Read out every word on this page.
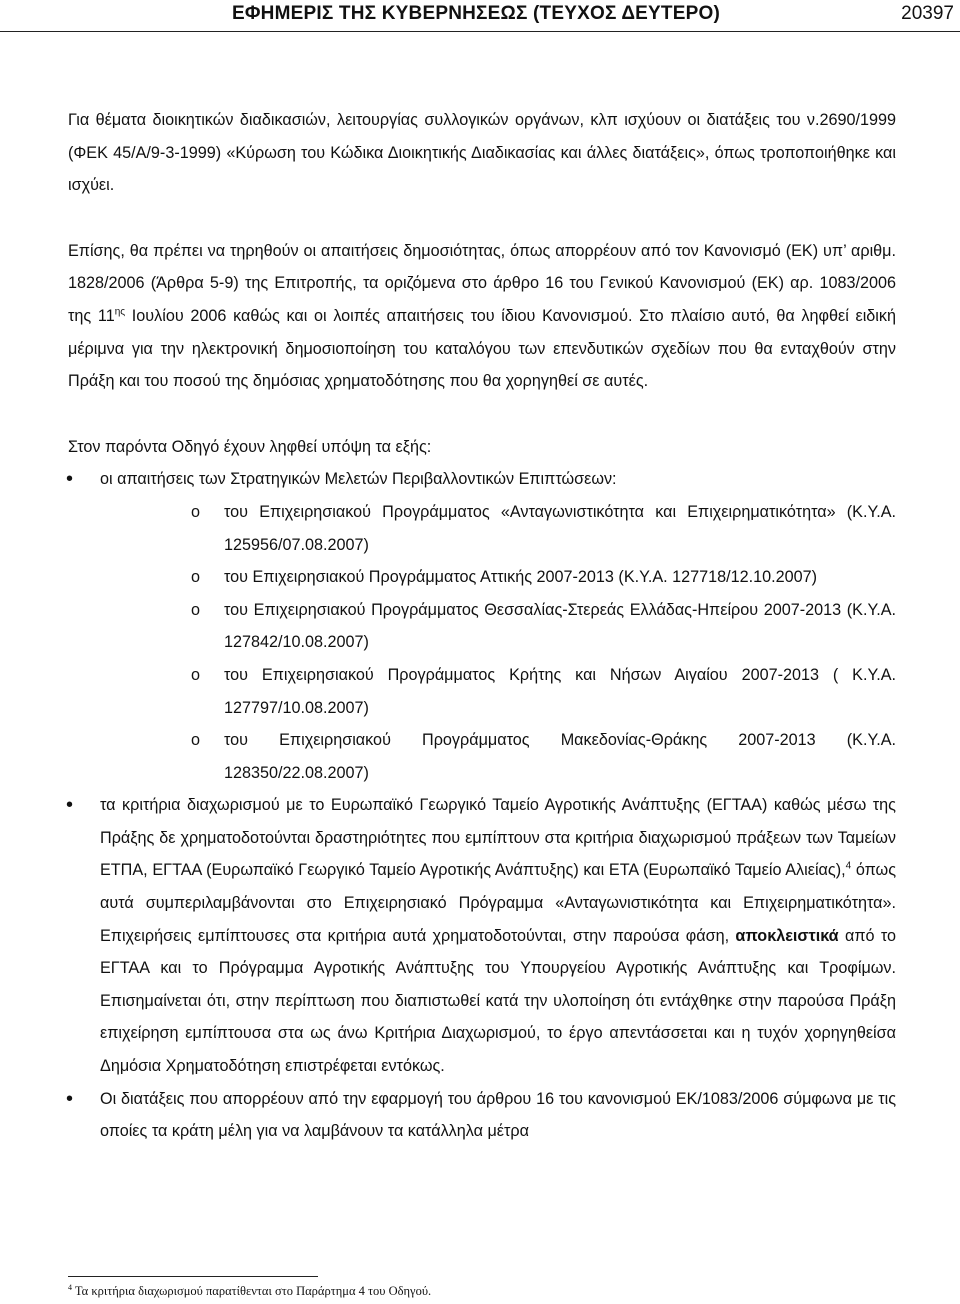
ΕΦΗΜΕΡΙΣ ΤΗΣ ΚΥΒΕΡΝΗΣΕΩΣ (ΤΕΥΧΟΣ ΔΕΥΤΕΡΟ)	20397

Για θέματα διοικητικών διαδικασιών, λειτουργίας συλλογικών οργάνων, κλπ ισχύουν οι διατάξεις του ν.2690/1999 (ΦΕΚ 45/Α/9-3-1999) «Κύρωση του Κώδικα Διοικητικής Διαδικασίας και άλλες διατάξεις», όπως τροποποιήθηκε και ισχύει.

Επίσης, θα πρέπει να τηρηθούν οι απαιτήσεις δημοσιότητας, όπως απορρέουν από τον Κανονισμό (ΕΚ) υπ’ αριθμ. 1828/2006 (Άρθρα 5-9) της Επιτροπής, τα οριζόμενα στο άρθρο 16 του Γενικού Κανονισμού (ΕΚ) αρ. 1083/2006 της $11^{\eta\varsigma}$ Ιουλίου 2006 καθώς και οι λοιπές απαιτήσεις του ίδιου Κανονισμού. Στο πλαίσιο αυτό, θα ληφθεί ειδική μέριμνα για την ηλεκτρονική δημοσιοποίηση του καταλόγου των επενδυτικών σχεδίων που θα ενταχθούν στην Πράξη και του ποσού της δημόσιας χρηματοδότησης που θα χορηγηθεί σε αυτές.

Στον παρόντα Οδηγό έχουν ληφθεί υπόψη τα εξής:

• οι απαιτήσεις των Στρατηγικών Μελετών Περιβαλλοντικών Επιπτώσεων:
o του Επιχειρησιακού Προγράμματος «Ανταγωνιστικότητα και Επιχειρηματικότητα» (Κ.Υ.Α. 125956/07.08.2007)
o του Επιχειρησιακού Προγράμματος Αττικής 2007-2013 (Κ.Υ.Α. 127718/12.10.2007)
o του Επιχειρησιακού Προγράμματος Θεσσαλίας-Στερεάς Ελλάδας-Ηπείρου 2007-2013 (Κ.Υ.Α. 127842/10.08.2007)
o του Επιχειρησιακού Προγράμματος Κρήτης και Νήσων Αιγαίου 2007-2013 ( Κ.Υ.Α. 127797/10.08.2007)
o του Επιχειρησιακού Προγράμματος Μακεδονίας-Θράκης 2007-2013 (Κ.Υ.Α. 128350/22.08.2007)
• τα κριτήρια διαχωρισμού με το Ευρωπαϊκό Γεωργικό Ταμείο Αγροτικής Ανάπτυξης (ΕΓΤΑΑ) καθώς μέσω της Πράξης δε χρηματοδοτούνται δραστηριότητες που εμπίπτουν στα κριτήρια διαχωρισμού πράξεων των Ταμείων ΕΤΠΑ, ΕΓΤΑΑ (Ευρωπαϊκό Γεωργικό Ταμείο Αγροτικής Ανάπτυξης) και ΕΤΑ (Ευρωπαϊκό Ταμείο Αλιείας),$^4$ όπως αυτά συμπεριλαμβάνονται στο Επιχειρησιακό Πρόγραμμα «Ανταγωνιστικότητα και Επιχειρηματικότητα». Επιχειρήσεις εμπίπτουσες στα κριτήρια αυτά χρηματοδοτούνται, στην παρούσα φάση, αποκλειστικά από το ΕΓΤΑΑ και το Πρόγραμμα Αγροτικής Ανάπτυξης του Υπουργείου Αγροτικής Ανάπτυξης και Τροφίμων. Επισημαίνεται ότι, στην περίπτωση που διαπιστωθεί κατά την υλοποίηση ότι εντάχθηκε στην παρούσα Πράξη επιχείρηση εμπίπτουσα στα ως άνω Κριτήρια Διαχωρισμού, το έργο απεντάσσεται και η τυχόν χορηγηθείσα Δημόσια Χρηματοδότηση επιστρέφεται εντόκως.
• Οι διατάξεις που απορρέουν από την εφαρμογή του άρθρου 16 του κανονισμού ΕΚ/1083/2006 σύμφωνα με τις οποίες τα κράτη μέλη για να λαμβάνουν τα κατάλληλα μέτρα
$^4$ Τα κριτήρια διαχωρισμού παρατίθενται στο Παράρτημα 4 του Οδηγού.
